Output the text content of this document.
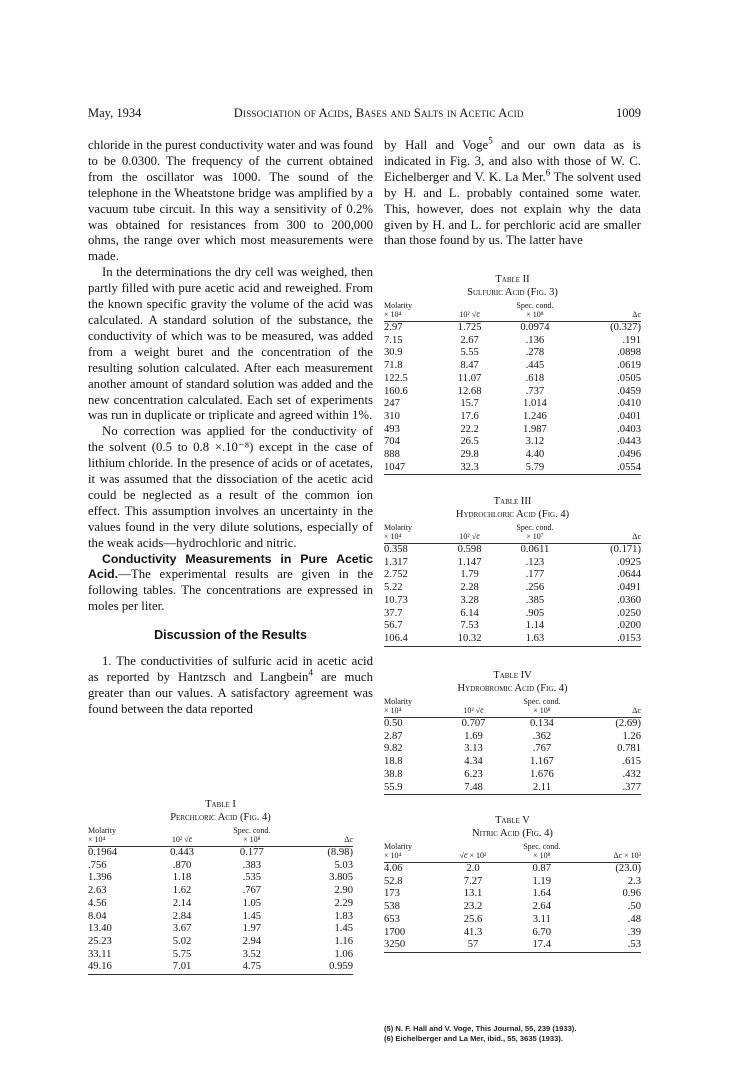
May, 1934	Dissociation of Acids, Bases and Salts in Acetic Acid	1009

chloride in the purest conductivity water and was found to be 0.0300. The frequency of the current obtained from the oscillator was 1000. The sound of the telephone in the Wheatstone bridge was amplified by a vacuum tube circuit. In this way a sensitivity of 0.2% was obtained for resistances from 300 to 200,000 ohms, the range over which most measurements were made.

In the determinations the dry cell was weighed, then partly filled with pure acetic acid and reweighed. From the known specific gravity the volume of the acid was calculated. A standard solution of the substance, the conductivity of which was to be measured, was added from a weight buret and the concentration of the resulting solution calculated. After each measurement another amount of standard solution was added and the new concentration calculated. Each set of experiments was run in duplicate or triplicate and agreed within 1%.

No correction was applied for the conductivity of the solvent (0.5 to 0.8 ×.10⁻⁸) except in the case of lithium chloride. In the presence of acids or of acetates, it was assumed that the dissociation of the acetic acid could be neglected as a result of the common ion effect. This assumption involves an uncertainty in the values found in the very dilute solutions, especially of the weak acids—hydrochloric and nitric.

Conductivity Measurements in Pure Acetic Acid.—The experimental results are given in the following tables. The concentrations are expressed in moles per liter.

Discussion of the Results

1. The conductivities of sulfuric acid in acetic acid as reported by Hantzsch and Langbein$^4$ are much greater than our values. A satisfactory agreement was found between the data reported

by Hall and Voge$^5$ and our own data as is indicated in Fig. 3, and also with those of W. C. Eichelberger and V. K. La Mer.$^6$ The solvent used by H. and L. probably contained some water. This, however, does not explain why the data given by H. and L. for perchloric acid are smaller than those found by us. The latter have

Table I
Perchloric Acid (Fig. 4)
Molarity
× 10⁴	10² √c̄	Spec. cond.
× 10⁸	Δc
0.1964	0.443	0.177	(8.98)
.756	.870	.383	5.03
1.396	1.18	.535	3.805
2.63	1.62	.767	2.90
4.56	2.14	1.05	2.29
8.04	2.84	1.45	1.83
13.40	3.67	1.97	1.45
25.23	5.02	2.94	1.16
33.11	5.75	3.52	1.06
49.16	7.01	4.75	0.959
Table II
Sulfuric Acid (Fig. 3)
Molarity
× 10⁴	10² √c̄	Spec. cond.
× 10⁸	Δc
2.97	1.725	0.0974	(0.327)
7.15	2.67	.136	.191
30.9	5.55	.278	.0898
71.8	8.47	.445	.0619
122.5	11.07	.618	.0505
160.6	12.68	.737	.0459
247	15.7	1.014	.0410
310	17.6	1.246	.0401
493	22.2	1.987	.0403
704	26.5	3.12	.0443
888	29.8	4.40	.0496
1047	32.3	5.79	.0554
Table III
Hydrochloric Acid (Fig. 4)
Molarity
× 10⁴	10² √c̄	Spec. cond.
× 10⁷	Δc
0.358	0.598	0.0611	(0.171)
1.317	1.147	.123	.0925
2.752	1.79	.177	.0644
5.22	2.28	.256	.0491
10.73	3.28	.385	.0360
37.7	6.14	.905	.0250
56.7	7.53	1.14	.0200
106.4	10.32	1.63	.0153
Table IV
Hydrobromic Acid (Fig. 4)
Molarity
× 10⁴	10² √c̄	Spec. cond.
× 10⁸	Δc
0.50	0.707	0.134	(2.69)
2.87	1.69	.362	1.26
9.82	3.13	.767	0.781
18.8	4.34	1.167	.615
38.8	6.23	1.676	.432
55.9	7.48	2.11	.377
Table V
Nitric Acid (Fig. 4)
Molarity
× 10⁴	√c̄ × 10²	Spec. cond.
× 10⁸	Δc × 10³
4.06	2.0	0.87	(23.0)
52.8	7.27	1.19	2.3
173	13.1	1.64	0.96
538	23.2	2.64	.50
653	25.6	3.11	.48
1700	41.3	6.70	.39
3250	57	17.4	.53
(5) N. F. Hall and V. Voge, This Journal, 55, 239 (1933).
(6) Eichelberger and La Mer, ibid., 55, 3635 (1933).
